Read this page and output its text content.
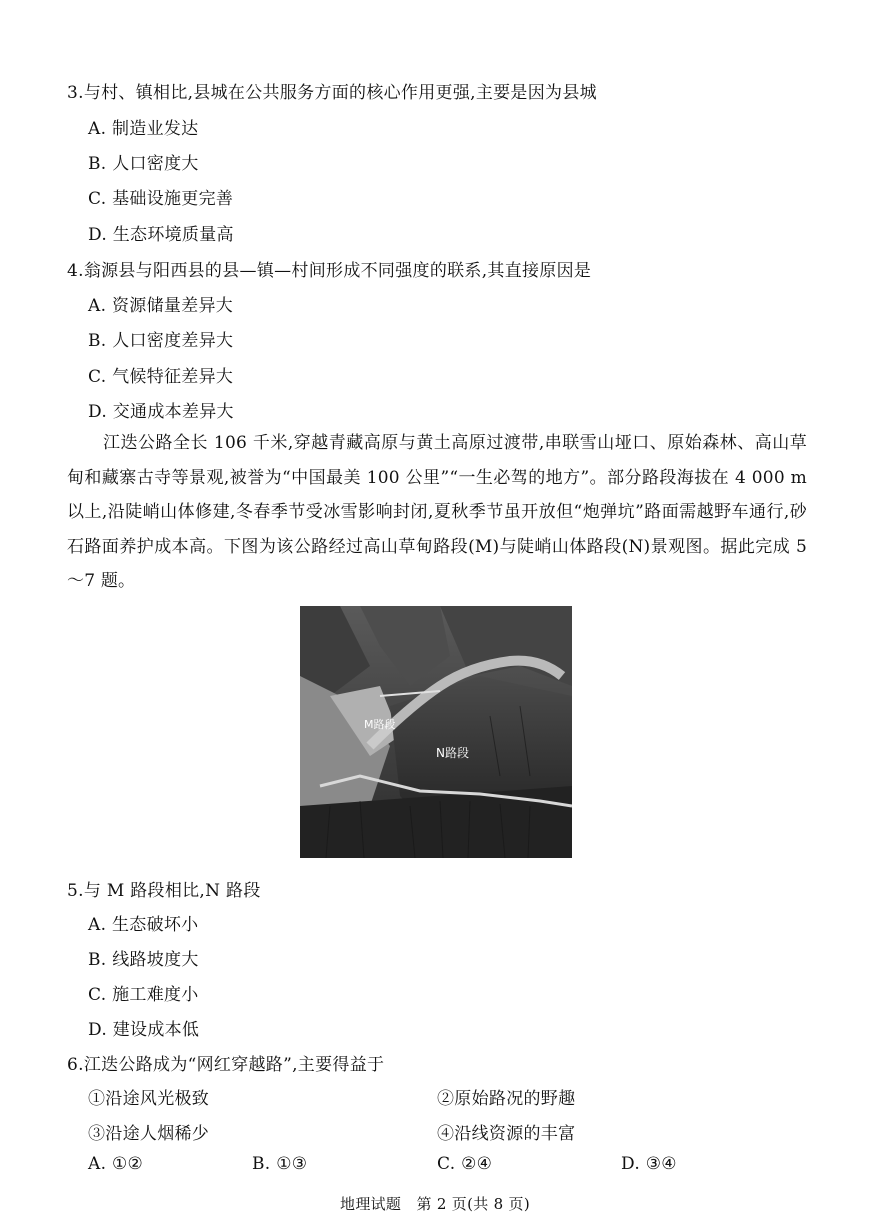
3.与村、镇相比,县城在公共服务方面的核心作用更强,主要是因为县城
A. 制造业发达
B. 人口密度大
C. 基础设施更完善
D. 生态环境质量高
4.翁源县与阳西县的县—镇—村间形成不同强度的联系,其直接原因是
A. 资源储量差异大
B. 人口密度差异大
C. 气候特征差异大
D. 交通成本差异大
江迭公路全长 106 千米,穿越青藏高原与黄土高原过渡带,串联雪山垭口、原始森林、高山草甸和藏寨古寺等景观,被誉为“中国最美 100 公里”“一生必驾的地方”。部分路段海拔在 4 000 m 以上,沿陡峭山体修建,冬春季节受冰雪影响封闭,夏秋季节虽开放但“炮弹坑”路面需越野车通行,砂石路面养护成本高。下图为该公路经过高山草甸路段(M)与陡峭山体路段(N)景观图。据此完成 5～7 题。
M路段
N路段
5.与 M 路段相比,N 路段
A. 生态破坏小
B. 线路坡度大
C. 施工难度小
D. 建设成本低
6.江迭公路成为“网红穿越路”,主要得益于
①沿途风光极致	②原始路况的野趣
③沿途人烟稀少	④沿线资源的丰富
A. ①②	B. ①③	C. ②④	D. ③④
地理试题　第 2 页(共 8 页)
